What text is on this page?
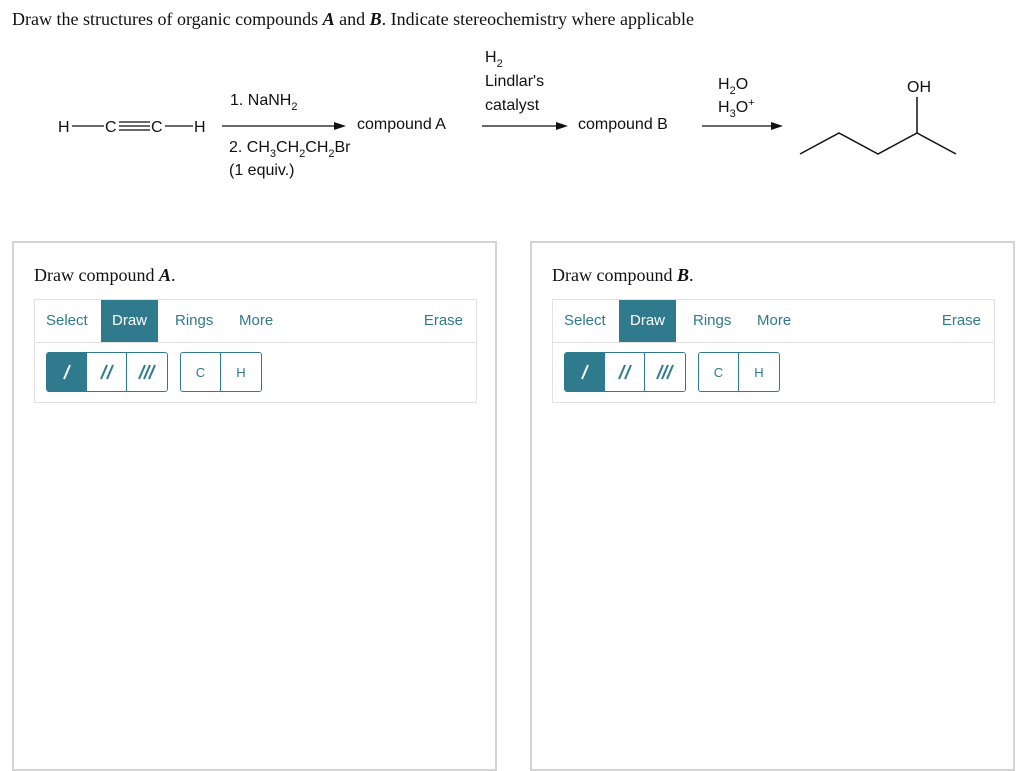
Draw the structures of organic compounds A and B. Indicate stereochemistry where applicable
H C C H
1. NaNH$_2$
2. $CH_3CH_2CH_2Br$
(1 equiv.)
compound A
$H_2$
Lindlar's
catalyst
compound B
$H_2O$
$H_3O^+$
OH
Draw compound A.
Select	Draw	Rings	More	Erase
C	H
Draw compound B.
Select	Draw	Rings	More	Erase
C	H
